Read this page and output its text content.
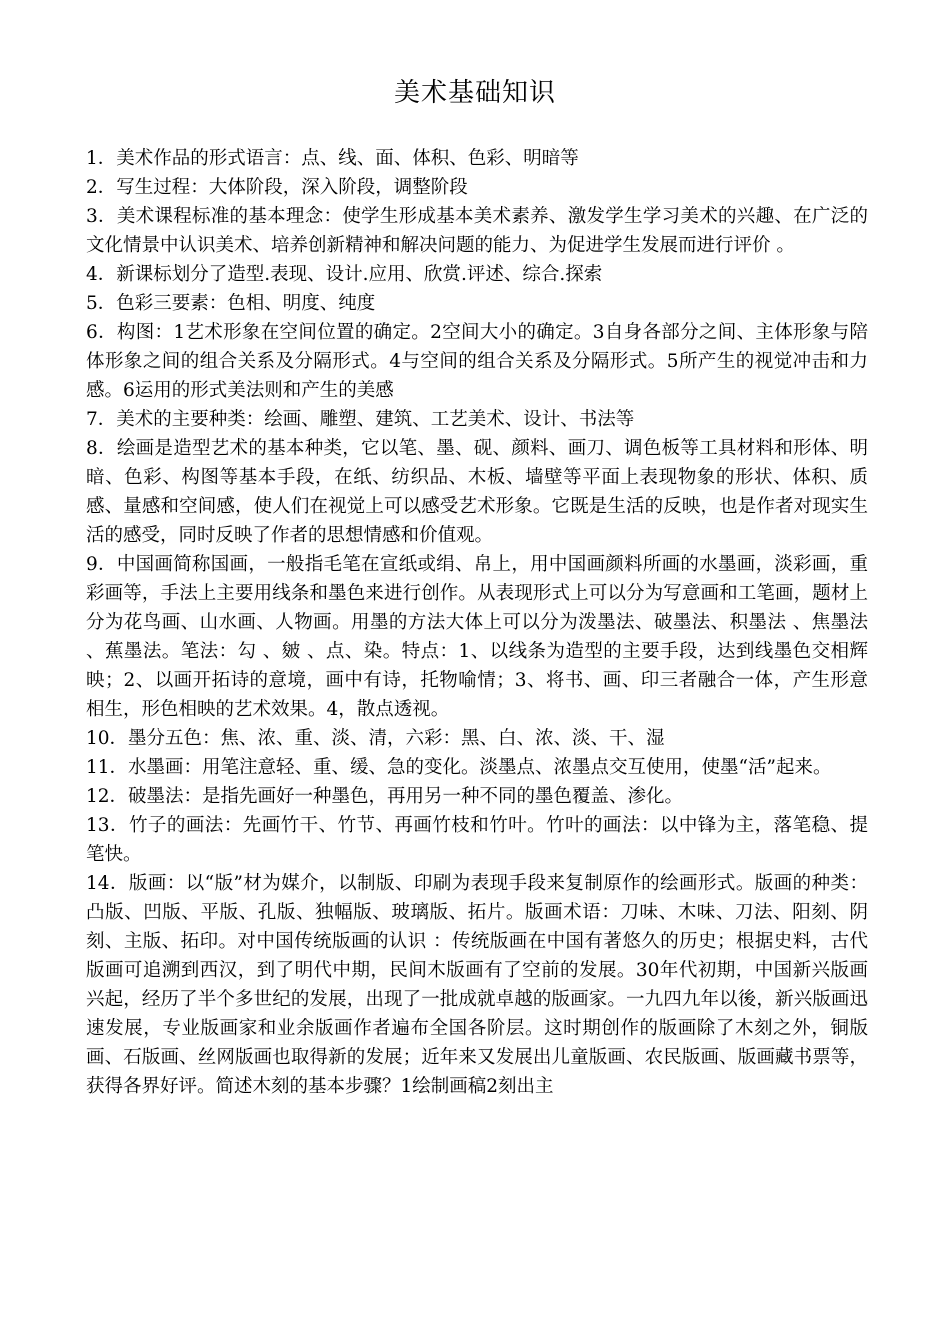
美术基础知识

1．美术作品的形式语言：点、线、面、体积、色彩、明暗等

2．写生过程：大体阶段，深入阶段，调整阶段

3．美术课程标准的基本理念：使学生形成基本美术素养、激发学生学习美术的兴趣、在广泛的文化情景中认识美术、培养创新精神和解决问题的能力、为促进学生发展而进行评价 。

4．新课标划分了造型.表现、设计.应用、欣赏.评述、综合.探索

5．色彩三要素：色相、明度、纯度

6．构图：1艺术形象在空间位置的确定。2空间大小的确定。3自身各部分之间、主体形象与陪体形象之间的组合关系及分隔形式。4与空间的组合关系及分隔形式。5所产生的视觉冲击和力感。6运用的形式美法则和产生的美感

7．美术的主要种类：绘画、雕塑、建筑、工艺美术、设计、书法等

8．绘画是造型艺术的基本种类，它以笔、墨、砚、颜料、画刀、调色板等工具材料和形体、明暗、色彩、构图等基本手段，在纸、纺织品、木板、墙壁等平面上表现物象的形状、体积、质感、量感和空间感，使人们在视觉上可以感受艺术形象。它既是生活的反映，也是作者对现实生活的感受，同时反映了作者的思想情感和价值观。

9．中国画简称国画，一般指毛笔在宣纸或绢、帛上，用中国画颜料所画的水墨画，淡彩画，重彩画等，手法上主要用线条和墨色来进行创作。从表现形式上可以分为写意画和工笔画，题材上分为花鸟画、山水画、人物画。用墨的方法大体上可以分为泼墨法、破墨法、积墨法 、焦墨法 、蕉墨法。笔法：勾 、皴 、点、染。特点：1、以线条为造型的主要手段，达到线墨色交相辉映；2、以画开拓诗的意境，画中有诗，托物喻情；3、将书、画、印三者融合一体，产生形意相生，形色相映的艺术效果。4，散点透视。

10．墨分五色：焦、浓、重、淡、清，六彩：黑、白、浓、淡、干、湿

11．水墨画：用笔注意轻、重、缓、急的变化。淡墨点、浓墨点交互使用，使墨“活”起来。

12．破墨法：是指先画好一种墨色，再用另一种不同的墨色覆盖、渗化。

13．竹子的画法：先画竹干、竹节、再画竹枝和竹叶。竹叶的画法：以中锋为主，落笔稳、提笔快。

14．版画：以“版”材为媒介，以制版、印刷为表现手段来复制原作的绘画形式。版画的种类：凸版、凹版、平版、孔版、独幅版、玻璃版、拓片。版画术语：刀味、木味、刀法、阳刻、阴刻、主版、拓印。对中国传统版画的认识 ：传统版画在中国有著悠久的历史；根据史料，古代版画可追溯到西汉，到了明代中期，民间木版画有了空前的发展。30年代初期，中国新兴版画兴起，经历了半个多世纪的发展，出现了一批成就卓越的版画家。一九四九年以後，新兴版画迅速发展，专业版画家和业余版画作者遍布全国各阶层。这时期创作的版画除了木刻之外，铜版画、石版画、丝网版画也取得新的发展；近年来又发展出儿童版画、农民版画、版画藏书票等，获得各界好评。简述木刻的基本步骤？1绘制画稿2刻出主
